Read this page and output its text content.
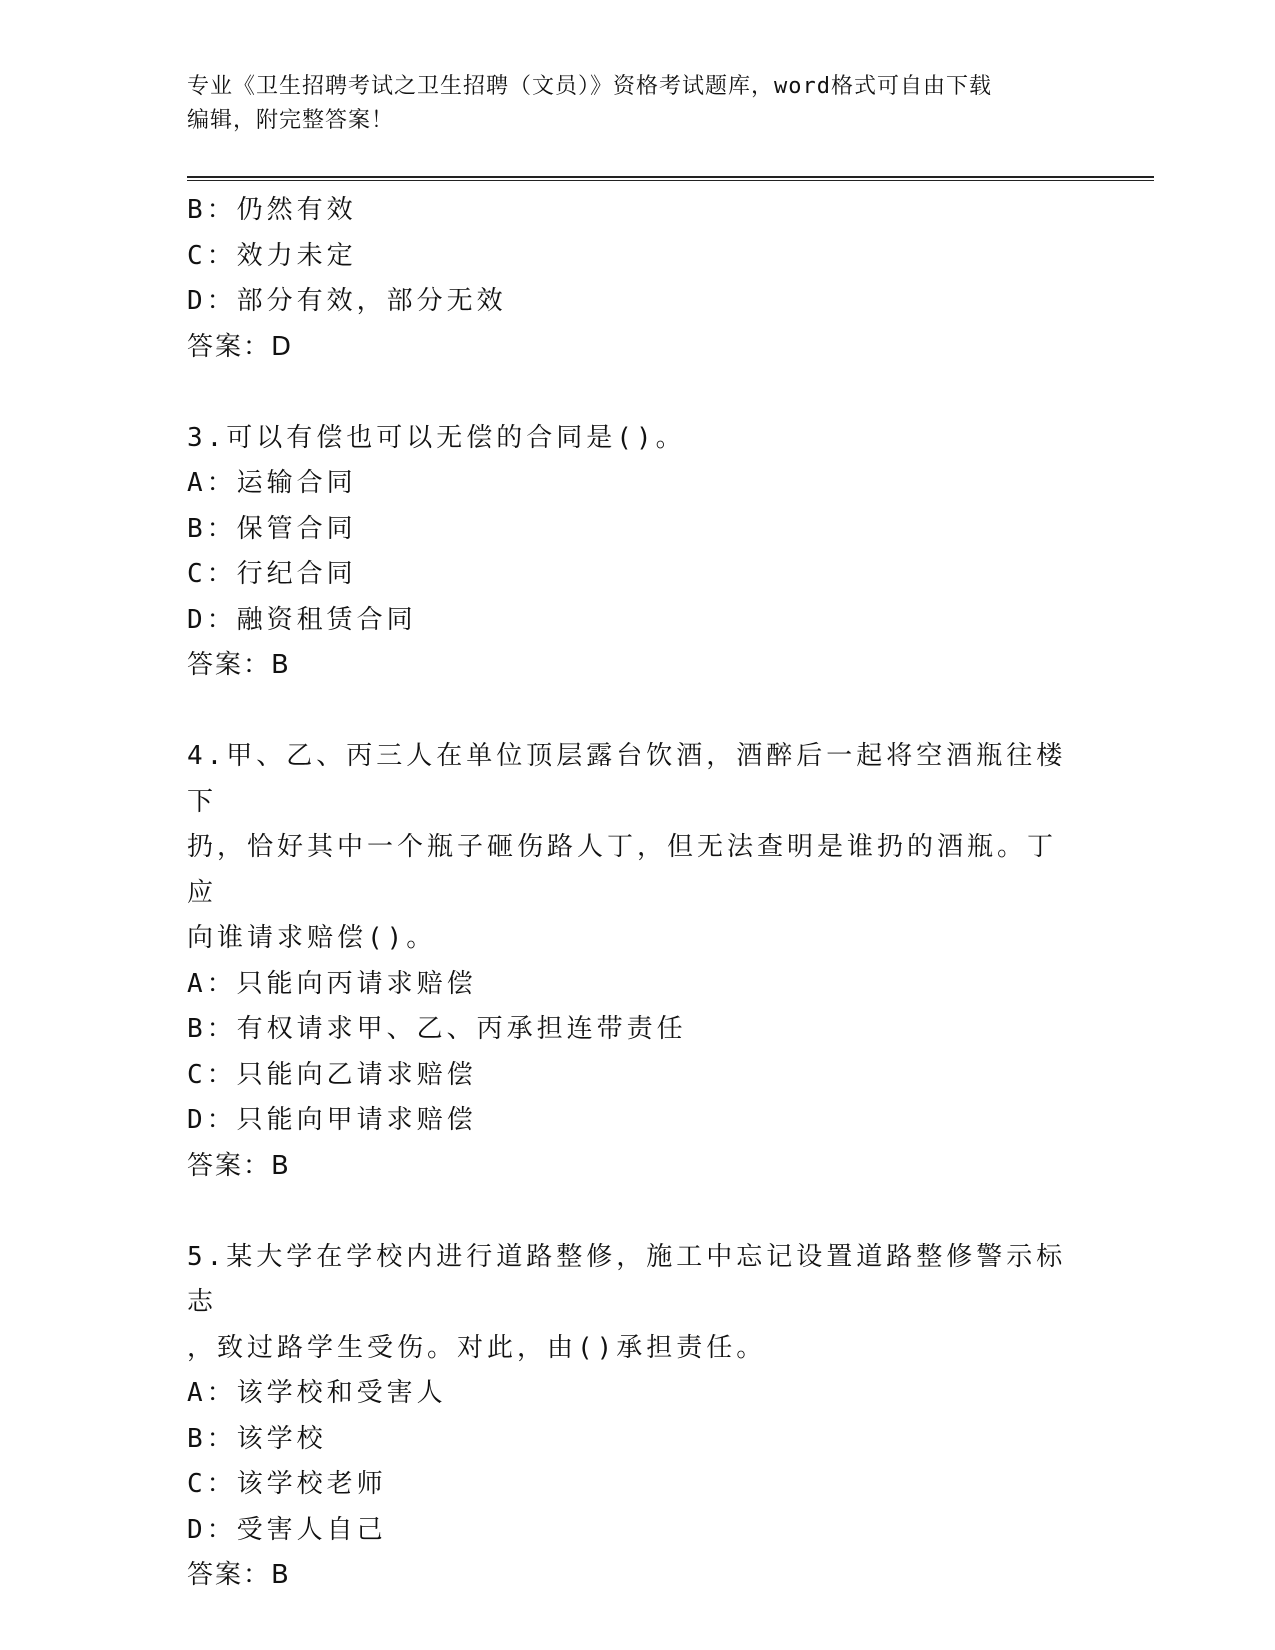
专业《卫生招聘考试之卫生招聘（文员）》资格考试题库，word格式可自由下载
编辑，附完整答案！
B：仍然有效
C：效力未定
D：部分有效，部分无效
答案：D
3.可以有偿也可以无偿的合同是()。
A：运输合同
B：保管合同
C：行纪合同
D：融资租赁合同
答案：B
4.甲、乙、丙三人在单位顶层露台饮酒，酒醉后一起将空酒瓶往楼下
扔，恰好其中一个瓶子砸伤路人丁，但无法查明是谁扔的酒瓶。丁应
向谁请求赔偿()。
A：只能向丙请求赔偿
B：有权请求甲、乙、丙承担连带责任
C：只能向乙请求赔偿
D：只能向甲请求赔偿
答案：B
5.某大学在学校内进行道路整修，施工中忘记设置道路整修警示标志
，致过路学生受伤。对此，由()承担责任。
A：该学校和受害人
B：该学校
C：该学校老师
D：受害人自己
答案：B
